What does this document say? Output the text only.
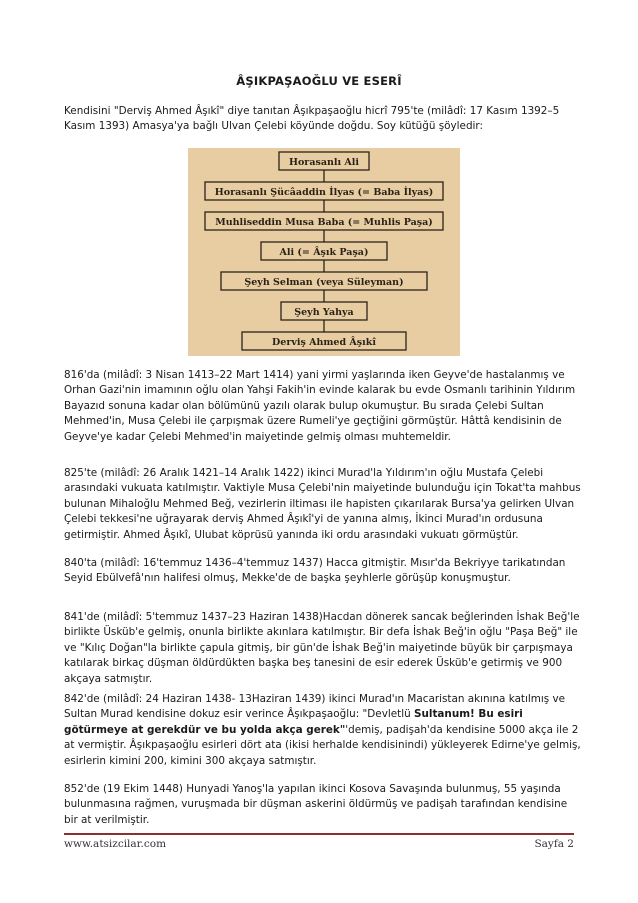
ÂŞIKPAŞAOĞLU VE ESERÎ

Kendisini "Derviş Ahmed Âşıkî" diye tanıtan Âşıkpaşaoğlu hicrî 795'te (milâdî: 17 Kasım 1392–5 Kasım 1393) Amasya'ya bağlı Ulvan Çelebi köyünde doğdu. Soy kütüğü şöyledir:

Horasanlı Ali
Horasanlı Şücâaddin İlyas (= Baba İlyas)
Muhliseddin Musa Baba (= Muhlis Paşa)
Ali (= Âşık Paşa)
Şeyh Selman (veya Süleyman)
Şeyh Yahya
Derviş Ahmed Âşıkî

816'da (milâdî: 3 Nisan 1413–22 Mart 1414) yani yirmi yaşlarında iken Geyve'de hastalanmış ve Orhan Gazi'nin imamının oğlu olan Yahşi Fakih'in evinde kalarak bu evde Osmanlı tarihinin Yıldırım Bayazıd sonuna kadar olan bölümünü yazılı olarak bulup okumuştur. Bu sırada Çelebi Sultan Mehmed'in, Musa Çelebi ile çarpışmak üzere Rumeli'ye geçtiğini görmüştür. Hâttâ kendisinin de Geyve'ye kadar Çelebi Mehmed'in maiyetinde gelmiş olması muhtemeldir.

825'te (milâdî: 26 Aralık 1421–14 Aralık 1422) ikinci Murad'la Yıldırım'ın oğlu Mustafa Çelebi arasındaki vukuata katılmıştır. Vaktiyle Musa Çelebi'nin maiyetinde bulunduğu için Tokat'ta mahbus bulunan Mihaloğlu Mehmed Beğ, vezirlerin iltiması ile hapisten çıkarılarak Bursa'ya gelirken Ulvan Çelebi tekkesi'ne uğrayarak derviş Ahmed Âşıkî'yi de yanına almış, İkinci Murad'ın ordusuna getirmiştir. Ahmed Âşıkî, Ulubat köprüsü yanında iki ordu arasındaki vukuatı görmüştür.

840'ta (milâdî: 16'temmuz 1436–4'temmuz 1437) Hacca gitmiştir. Mısır'da Bekriyye tarikatından Seyid Ebülvefâ'nın halifesi olmuş, Mekke'de de başka şeyhlerle görüşüp konuşmuştur.

841'de (milâdî: 5'temmuz 1437–23 Haziran 1438)Hacdan dönerek sancak beğlerinden İshak Beğ'le birlikte Üsküb'e gelmiş, onunla birlikte akınlara katılmıştır. Bir defa İshak Beğ'in oğlu "Paşa Beğ" ile ve "Kılıç Doğan"la birlikte çapula gitmiş, bir gün'de İshak Beğ'in maiyetinde büyük bir çarpışmaya katılarak birkaç düşman öldürdükten başka beş tanesini de esir ederek Üsküb'e getirmiş ve 900 akçaya satmıştır.

842'de (milâdî: 24 Haziran 1438- 13Haziran 1439) ikinci Murad'ın Macaristan akınına katılmış ve Sultan Murad kendisine dokuz esir verince Âşıkpaşaoğlu: "Devletlü Sultanum! Bu esiri götürmeye at gerekdür ve bu yolda akça gerek"'demiş, padişah'da kendisine 5000 akça ile 2 at vermiştir. Âşıkpaşaoğlu esirleri dört ata (ikisi herhalde kendisinindi) yükleyerek Edirne'ye gelmiş, esirlerin kimini 200, kimini 300 akçaya satmıştır.

852'de (19 Ekim 1448) Hunyadi Yanoş'la yapılan ikinci Kosova Savaşında bulunmuş, 55 yaşında bulunmasına rağmen, vuruşmada bir düşman askerini öldürmüş ve padişah tarafından kendisine bir at verilmiştir.

www.atsizcilar.com	Sayfa 2
